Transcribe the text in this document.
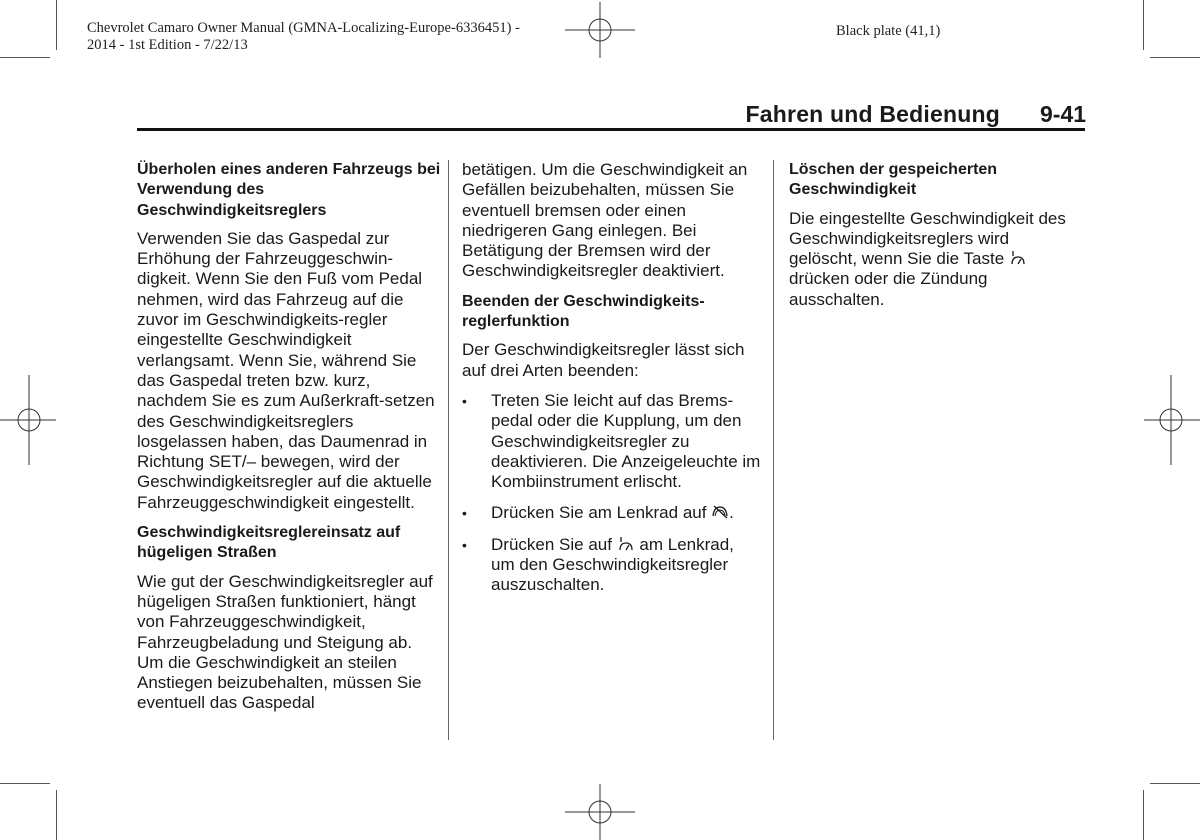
Chevrolet Camaro Owner Manual (GMNA-Localizing-Europe-6336451) -
2014 - 1st Edition - 7/22/13
Black plate (41,1)
Fahren und Bedienung 9-41
Überholen eines anderen Fahrzeugs bei Verwendung des Geschwindigkeitsreglers

Verwenden Sie das Gaspedal zur Erhöhung der Fahrzeuggeschwin-digkeit. Wenn Sie den Fuß vom Pedal nehmen, wird das Fahrzeug auf die zuvor im Geschwindigkeits-regler eingestellte Geschwindigkeit verlangsamt. Wenn Sie, während Sie das Gaspedal treten bzw. kurz, nachdem Sie es zum Außerkraft-setzen des Geschwindigkeitsreglers losgelassen haben, das Daumenrad in Richtung SET/– bewegen, wird der Geschwindigkeitsregler auf die aktuelle Fahrzeuggeschwindigkeit eingestellt.

Geschwindigkeitsreglereinsatz auf hügeligen Straßen

Wie gut der Geschwindigkeitsregler auf hügeligen Straßen funktioniert, hängt von Fahrzeuggeschwindigkeit, Fahrzeugbeladung und Steigung ab. Um die Geschwindigkeit an steilen Anstiegen beizubehalten, müssen Sie eventuell das Gaspedal

betätigen. Um die Geschwindigkeit an Gefällen beizubehalten, müssen Sie eventuell bremsen oder einen niedrigeren Gang einlegen. Bei Betätigung der Bremsen wird der Geschwindigkeitsregler deaktiviert.

Beenden der Geschwindigkeits-reglerfunktion

Der Geschwindigkeitsregler lässt sich auf drei Arten beenden:

• Treten Sie leicht auf das Brems-pedal oder die Kupplung, um den Geschwindigkeitsregler zu deaktivieren. Die Anzeigeleuchte im Kombiinstrument erlischt.
• Drücken Sie am Lenkrad auf
.
• Drücken Sie auf
am Lenkrad, um den Geschwindigkeitsregler auszuschalten.
Löschen der gespeicherten Geschwindigkeit

Die eingestellte Geschwindigkeit des Geschwindigkeitsreglers wird gelöscht, wenn Sie die Taste
drücken oder die Zündung ausschalten.
